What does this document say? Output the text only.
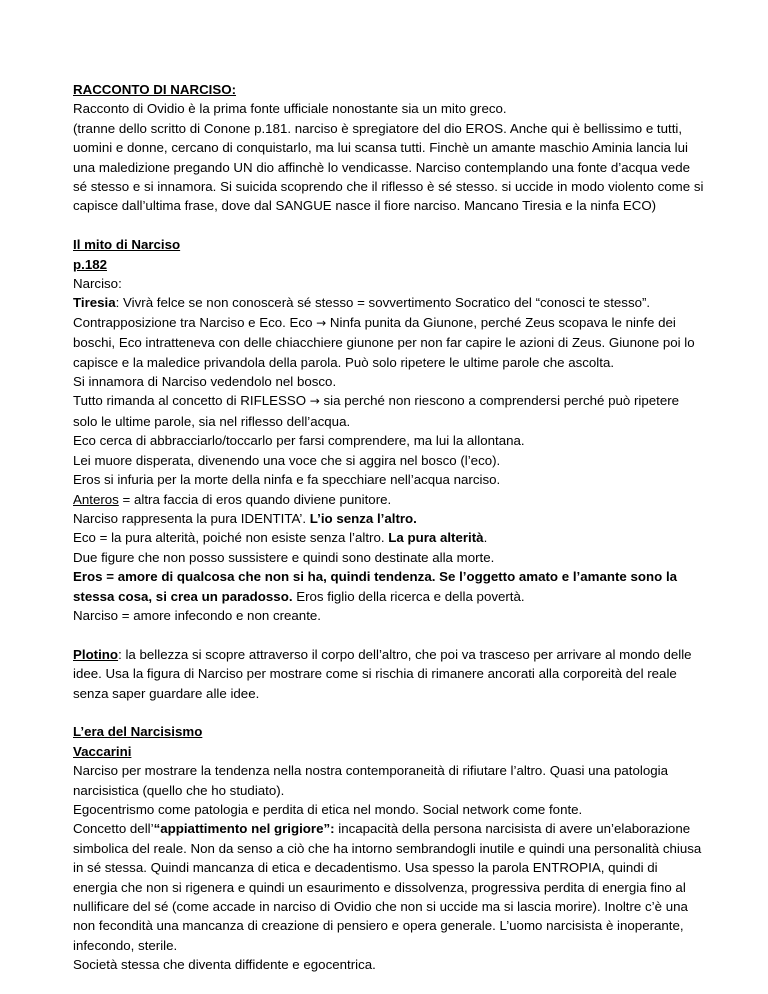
RACCONTO DI NARCISO:

Racconto di Ovidio è la prima fonte ufficiale nonostante sia un mito greco.

(tranne dello scritto di Conone p.181. narciso è spregiatore del dio EROS. Anche qui è bellissimo e tutti, uomini e donne, cercano di conquistarlo, ma lui scansa tutti. Finchè un amante maschio Aminia lancia lui una maledizione pregando UN dio affinchè lo vendicasse. Narciso contemplando una fonte d’acqua vede sé stesso e si innamora. Si suicida scoprendo che il riflesso è sé stesso. si uccide in modo violento come si capisce dall’ultima frase, dove dal SANGUE nasce il fiore narciso. Mancano Tiresia e la ninfa ECO)

Il mito di Narciso

p.182

Narciso:

Tiresia: Vivrà felce se non conoscerà sé stesso = sovvertimento Socratico del “conosci te stesso”.

Contrapposizione tra Narciso e Eco. Eco → Ninfa punita da Giunone, perché Zeus scopava le ninfe dei boschi, Eco intratteneva con delle chiacchiere giunone per non far capire le azioni di Zeus. Giunone poi lo capisce e la maledice privandola della parola. Può solo ripetere le ultime parole che ascolta.

Si innamora di Narciso vedendolo nel bosco.

Tutto rimanda al concetto di RIFLESSO → sia perché non riescono a comprendersi perché può ripetere solo le ultime parole, sia nel riflesso dell’acqua.

Eco cerca di abbracciarlo/toccarlo per farsi comprendere, ma lui la allontana.

Lei muore disperata, divenendo una voce che si aggira nel bosco (l’eco).

Eros si infuria per la morte della ninfa e fa specchiare nell’acqua narciso.

Anteros = altra faccia di eros quando diviene punitore.

Narciso rappresenta la pura IDENTITA’. L’io senza l’altro.

Eco = la pura alterità, poiché non esiste senza l’altro. La pura alterità.

Due figure che non posso sussistere e quindi sono destinate alla morte.

Eros = amore di qualcosa che non si ha, quindi tendenza. Se l’oggetto amato e l’amante sono la stessa cosa, si crea un paradosso. Eros figlio della ricerca e della povertà.

Narciso = amore infecondo e non creante.

Plotino: la bellezza si scopre attraverso il corpo dell’altro, che poi va trasceso per arrivare al mondo delle idee. Usa la figura di Narciso per mostrare come si rischia di rimanere ancorati alla corporeità del reale senza saper guardare alle idee.

L’era del Narcisismo

Vaccarini

Narciso per mostrare la tendenza nella nostra contemporaneità di rifiutare l’altro. Quasi una patologia narcisistica (quello che ho studiato).

Egocentrismo come patologia e perdita di etica nel mondo. Social network come fonte.

Concetto dell’“appiattimento nel grigiore”: incapacità della persona narcisista di avere un’elaborazione simbolica del reale. Non da senso a ciò che ha intorno sembrandogli inutile e quindi una personalità chiusa in sé stessa. Quindi mancanza di etica e decadentismo. Usa spesso la parola ENTROPIA, quindi di energia che non si rigenera e quindi un esaurimento e dissolvenza, progressiva perdita di energia fino al nullificare del sé (come accade in narciso di Ovidio che non si uccide ma si lascia morire). Inoltre c’è una non fecondità una mancanza di creazione di pensiero e opera generale. L’uomo narcisista è inoperante, infecondo, sterile.

Società stessa che diventa diffidente e egocentrica.
